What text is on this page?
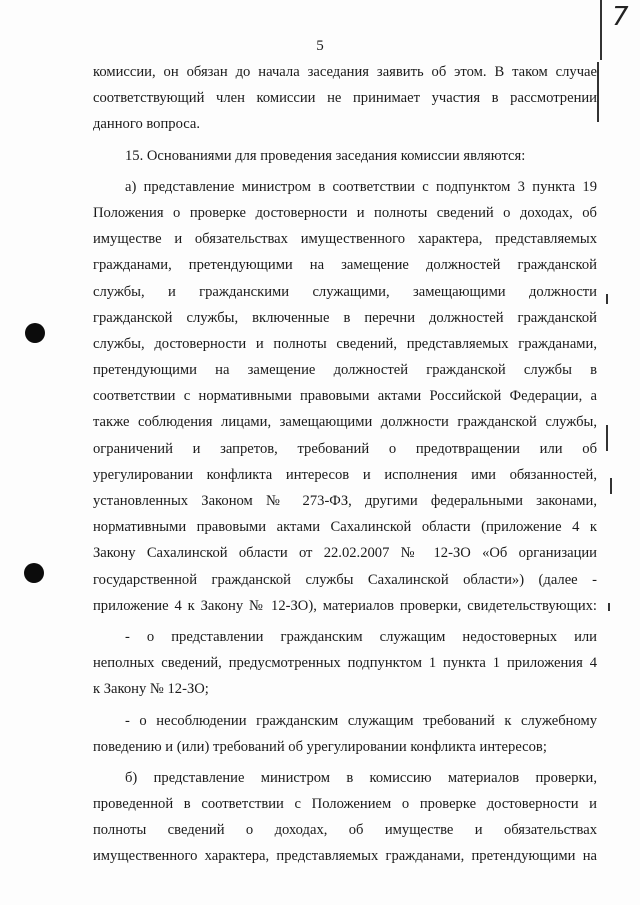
7
5
комиссии, он обязан до начала заседания заявить об этом. В таком случае
соответствующий член комиссии не принимает участия в рассмотрении
данного вопроса.
15. Основаниями для проведения заседания комиссии являются:
а) представление министром в соответствии с подпунктом 3 пункта 19
Положения о проверке достоверности и полноты сведений о доходах, об
имуществе и обязательствах имущественного характера, представляемых
гражданами, претендующими на замещение должностей гражданской
службы, и гражданскими служащими, замещающими должности
гражданской службы, включенные в перечни должностей гражданской
службы, достоверности и полноты сведений, представляемых гражданами,
претендующими на замещение должностей гражданской службы в
соответствии с нормативными правовыми актами Российской Федерации, а
также соблюдения лицами, замещающими должности гражданской службы,
ограничений и запретов, требований о предотвращении или об
урегулировании конфликта интересов и исполнения ими обязанностей,
установленных Законом № 273-ФЗ, другими федеральными законами,
нормативными правовыми актами Сахалинской области (приложение 4 к
Закону Сахалинской области от 22.02.2007 № 12-ЗО «Об организации
государственной гражданской службы Сахалинской области») (далее -
приложение 4 к Закону № 12-ЗО), материалов проверки, свидетельствующих:
- о представлении гражданским служащим недостоверных или
неполных сведений, предусмотренных подпунктом 1 пункта 1 приложения 4
к Закону № 12-ЗО;
- о несоблюдении гражданским служащим требований к служебному
поведению и (или) требований об урегулировании конфликта интересов;
б) представление министром в комиссию материалов проверки,
проведенной в соответствии с Положением о проверке достоверности и
полноты сведений о доходах, об имуществе и обязательствах
имущественного характера, представляемых гражданами, претендующими на
